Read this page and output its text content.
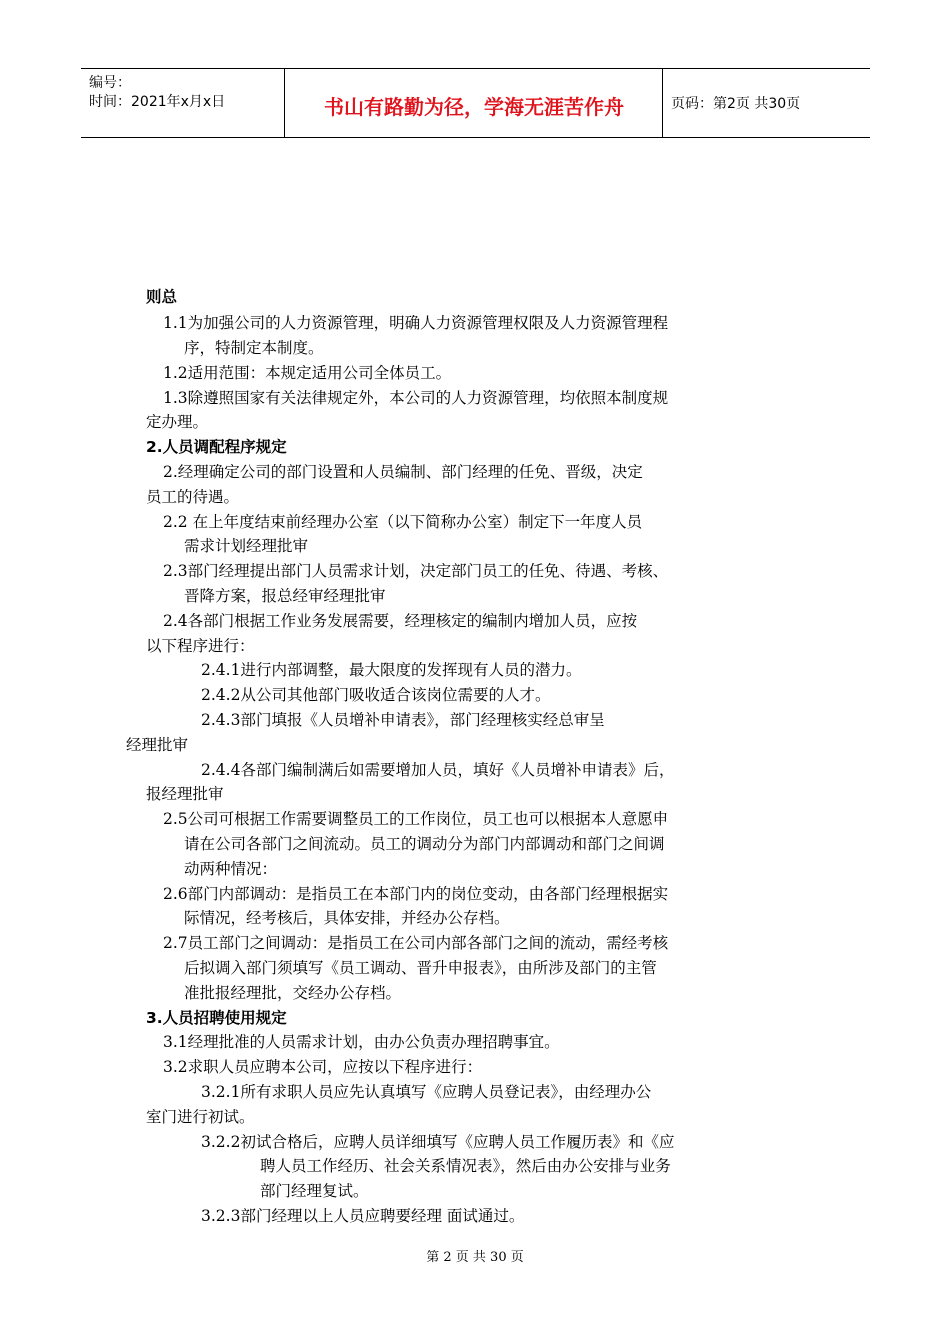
编号：
时间：2021年x月x日	书山有路勤为径，学海无涯苦作舟	页码：第2页 共30页
则总
1.1为加强公司的人力资源管理，明确人力资源管理权限及人力资源管理程
序，特制定本制度。
1.2适用范围：本规定适用公司全体员工。
1.3除遵照国家有关法律规定外，本公司的人力资源管理，均依照本制度规
定办理。
2.人员调配程序规定
2.经理确定公司的部门设置和人员编制、部门经理的任免、晋级，决定
员工的待遇。
2.2 在上年度结束前经理办公室（以下简称办公室）制定下一年度人员
需求计划经理批审
2.3部门经理提出部门人员需求计划，决定部门员工的任免、待遇、考核、
晋降方案，报总经审经理批审
2.4各部门根据工作业务发展需要，经理核定的编制内增加人员，应按
以下程序进行：
2.4.1进行内部调整，最大限度的发挥现有人员的潜力。
2.4.2从公司其他部门吸收适合该岗位需要的人才。
2.4.3部门填报《人员增补申请表》，部门经理核实经总审呈
经理批审
2.4.4各部门编制满后如需要增加人员，填好《人员增补申请表》后，
报经理批审
2.5公司可根据工作需要调整员工的工作岗位，员工也可以根据本人意愿申
请在公司各部门之间流动。员工的调动分为部门内部调动和部门之间调
动两种情况：
2.6部门内部调动：是指员工在本部门内的岗位变动，由各部门经理根据实
际情况，经考核后，具体安排，并经办公存档。
2.7员工部门之间调动：是指员工在公司内部各部门之间的流动，需经考核
后拟调入部门须填写《员工调动、晋升申报表》，由所涉及部门的主管
准批报经理批，交经办公存档。
3.人员招聘使用规定
3.1经理批准的人员需求计划，由办公负责办理招聘事宜。
3.2求职人员应聘本公司，应按以下程序进行：
3.2.1所有求职人员应先认真填写《应聘人员登记表》，由经理办公
室门进行初试。
3.2.2初试合格后，应聘人员详细填写《应聘人员工作履历表》和《应
聘人员工作经历、社会关系情况表》，然后由办公安排与业务
部门经理复试。
3.2.3部门经理以上人员应聘要经理 面试通过。
第 2 页 共 30 页
